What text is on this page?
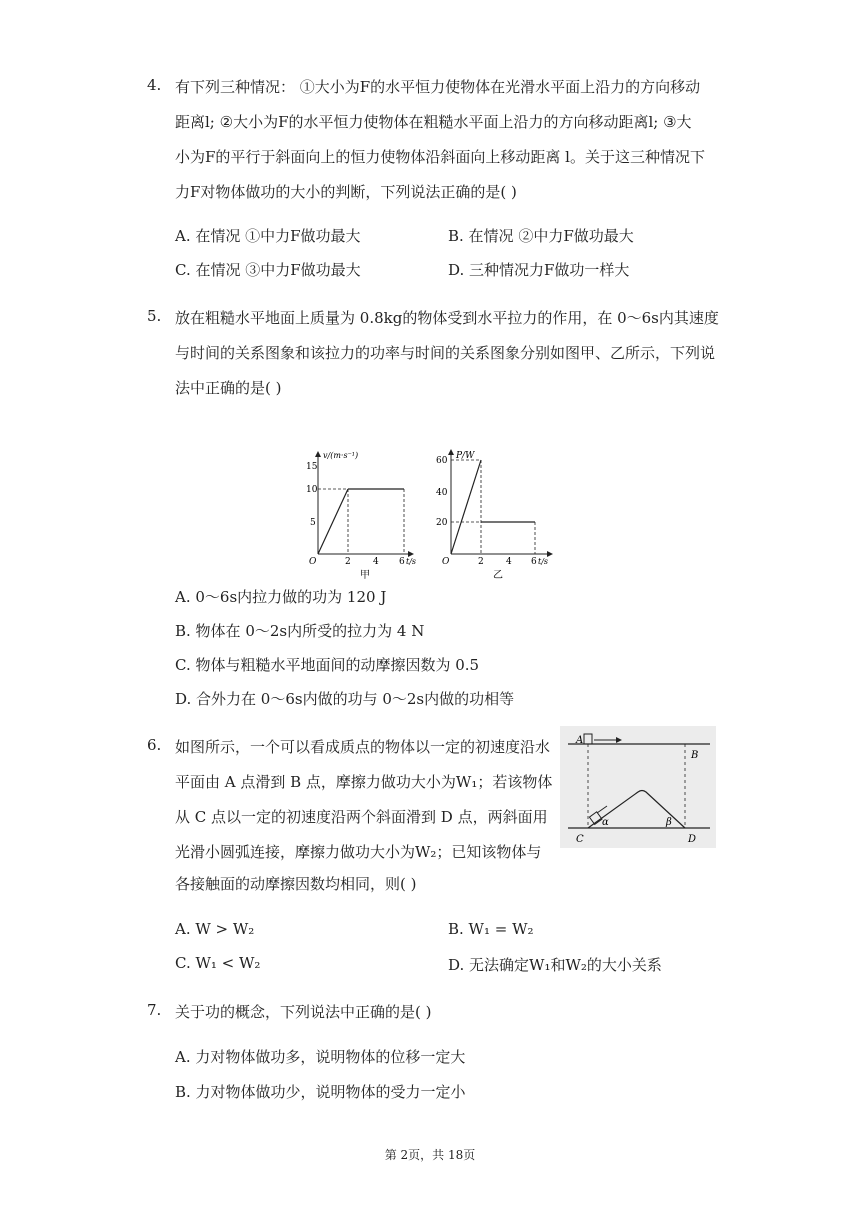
4. 有下列三种情况： ①大小为F的水平恒力使物体在光滑水平面上沿力的方向移动
距离l; ②大小为F的水平恒力使物体在粗糙水平面上沿力的方向移动距离l; ③大
小为F的平行于斜面向上的恒力使物体沿斜面向上移动距离 l。关于这三种情况下
力F对物体做功的大小的判断，下列说法正确的是( )
A. 在情况 ①中力F做功最大	B. 在情况 ②中力F做功最大
C. 在情况 ③中力F做功最大	D. 三种情况力F做功一样大
5. 放在粗糙水平地面上质量为 0.8kg的物体受到水平拉力的作用，在 0～6s内其速度
与时间的关系图象和该拉力的功率与时间的关系图象分别如图甲、乙所示，下列说
法中正确的是( )
v/(m·s⁻¹)
15
10
5
O	2 4 6 t/s
甲
P/W
60
40
20
O	2 4 6 t/s
乙
A. 0～6s内拉力做的功为 120 J
B. 物体在 0～2s内所受的拉力为 4 N
C. 物体与粗糙水平地面间的动摩擦因数为 0.5
D. 合外力在 0～6s内做的功与 0～2s内做的功相等
6. 如图所示，一个可以看成质点的物体以一定的初速度沿水
平面由 A 点滑到 B 点，摩擦力做功大小为W₁；若该物体
从 C 点以一定的初速度沿两个斜面滑到 D 点，两斜面用
光滑小圆弧连接，摩擦力做功大小为W₂；已知该物体与
各接触面的动摩擦因数均相同，则( )
A
B
C	D
α	β
A. W > W₂	B. W₁ = W₂
C. W₁ < W₂	D. 无法确定W₁和W₂的大小关系
7. 关于功的概念，下列说法中正确的是( )
A. 力对物体做功多，说明物体的位移一定大
B. 力对物体做功少，说明物体的受力一定小
第 2页，共 18页
